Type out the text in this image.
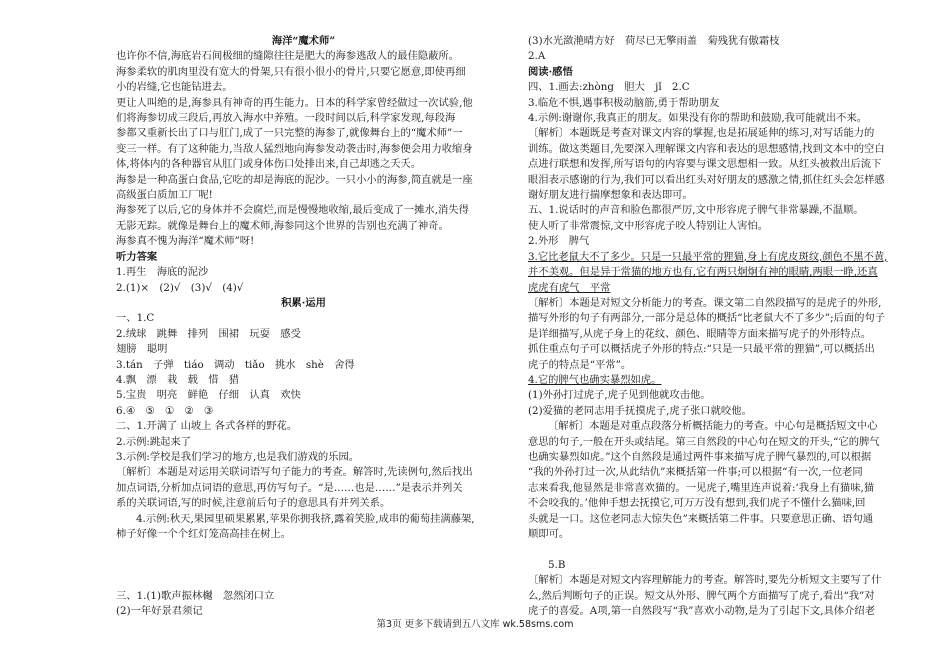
海洋“魔术师”

也许你不信,海底岩石间极细的缝隙往往是肥大的海参逃敌人的最佳隐蔽所。

海参柔软的肌肉里没有宽大的骨架,只有很小很小的骨片,只要它愿意,即使再细

小的岩缝,它也能钻进去。

更让人叫绝的是,海参具有神奇的再生能力。日本的科学家曾经做过一次试验,他

们将海参切成三段后,再放入海水中养殖。一段时间以后,科学家发现,每段海

参都又重新长出了口与肛门,成了一只完整的海参了,就像舞台上的“魔术师”一

变三一样。有了这种能力,当敌人猛烈地向海参发动袭击时,海参便会用力收缩身

体,将体内的各种器官从肛门或身体伤口处排出来,自己却逃之夭夭。

海参是一种高蛋白食品,它吃的却是海底的泥沙。一只小小的海参,简直就是一座

高级蛋白质加工厂呢!

海参死了以后,它的身体并不会腐烂,而是慢慢地收缩,最后变成了一摊水,消失得

无影无踪。就像是舞台上的魔术师,海参同这个世界的告别也充满了神奇。

海参真不愧为海洋“魔术师”呀!

听力答案

1.再生　海底的泥沙

2.(1)×　(2)√　(3)√　(4)√

积累·运用

一、1.C

2.绒球　跳舞　排列　围裙　玩耍　感受

翅膀　聪明

3.tán　子弹　tiáo　调动　tiǎo　挑水　shè　舍得

4.飘　漂　栽　载　惜　猎

5.宝贵　明亮　鲜艳　仔细　认真　欢快

6.④　⑤　①　②　③

二、1.开满了 山坡上 各式各样的野花。

2.示例:跳起来了

3.示例:学校是我们学习的地方,也是我们游戏的乐园。

〔解析〕本题是对运用关联词语写句子能力的考查。解答时,先读例句,然后找出

加点词语,分析加点词语的意思,再仿写句子。“是……也是……”是表示并列关

系的关联词语,写的时候,注意前后句子的意思具有并列关系。

4.示例:秋天,果园里硕果累累,苹果你拥我挤,露着笑脸,成串的葡萄挂满藤架,

柿子好像一个个红灯笼高高挂在树上。

三、1.(1)歌声振林樾　忽然闭口立

(2)一年好景君须记

(3)水光潋滟晴方好　荷尽已无擎雨盖　菊残犹有傲霜枝

2.A

阅读·感悟

四、1.画去:zhòng　胆大　jǐ　2.C

3.临危不惧,遇事积极动脑筋,勇于帮助朋友

4.示例:谢谢你,我真正的朋友。如果没有你的帮助和鼓励,我可能就出不来。

〔解析〕本题既是考查对课文内容的掌握,也是拓展延伸的练习,对写话能力的

训练。做这类题目,先要深入理解课文内容和表达的思想感情,找到文本中的空白

点进行联想和发挥,所写语句的内容要与课文思想相一致。从红头被救出后流下

眼泪表示感谢的行为,我们可以看出红头对好朋友的感激之情,抓住红头会怎样感

谢好朋友进行揣摩想象和表达即可。

五、1.说话时的声音和脸色都很严厉,文中形容虎子脾气非常暴躁,不温顺。

使人听了非常震惊,文中形容虎子咬人特别让人害怕。

2.外形　脾气

3.它比老鼠大不了多少。只是一只最平常的狸猫,身上有虎皮斑纹,颜色不黑不黄,

并不美观。但是异于常猫的地方也有,它有两只炯炯有神的眼睛,两眼一睁,还真

虎虎有虎气　平常

〔解析〕本题是对短文分析能力的考查。课文第二自然段描写的是虎子的外形,

描写外形的句子有两部分,一部分是总体的概括“比老鼠大不了多少”;后面的句子

是详细描写,从虎子身上的花纹、颜色、眼睛等方面来描写虎子的外形特点。

抓住重点句子可以概括虎子外形的特点:“只是一只最平常的狸猫”,可以概括出

虎子的特点是“平常”。

4.它的脾气也确实暴烈如虎。

(1)外孙打过虎子,虎子见到他就攻击他。

(2)爱猫的老同志用手抚摸虎子,虎子张口就咬他。

〔解析〕本题是对重点段落分析概括能力的考查。中心句是概括短文中心

意思的句子,一般在开头或结尾。第三自然段的中心句在短文的开头,“它的脾气

也确实暴烈如虎。”这个自然段是通过两件事来描写虎子脾气暴烈的,可以根据

“我的外孙打过一次,从此结仇”来概括第一件事;可以根据“有一次,一位老同

志来看我,他显然是非常喜欢猫的。一见虎子,嘴里连声说着:‘我身上有猫味,猫

不会咬我的。’他伸手想去抚摸它,可万万没有想到,我们虎子不懂什么猫味,回

头就是一口。这位老同志大惊失色”来概括第二件事。只要意思正确、语句通

顺即可。

5.B

〔解析〕本题是对短文内容理解能力的考查。解答时,要先分析短文主要写了什

么,然后判断句子的正误。短文从外形、脾气两个方面描写了虎子,看出“我”对

虎子的喜爱。A项,第一自然段写“我”喜欢小动物,是为了引起下文,具体介绍老

第3页 更多下载请到五八文库 wk.58sms.com
